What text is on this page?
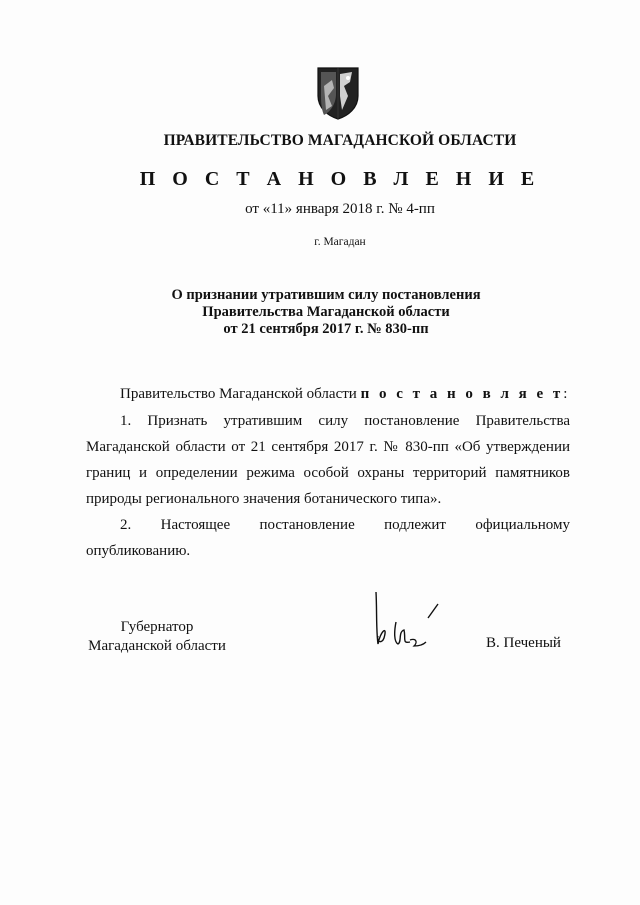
ПРАВИТЕЛЬСТВО МАГАДАНСКОЙ ОБЛАСТИ
П О С Т А Н О В Л Е Н И Е
от «11» января 2018 г. № 4-пп
г. Магадан
О признании утратившим силу постановления
Правительства Магаданской области
от 21 сентября 2017 г. № 830-пп
Правительство Магаданской области п о с т а н о в л я е т:
1. Признать утратившим силу постановление Правительства Магаданской области от 21 сентября 2017 г. № 830-пп «Об утверждении границ и определении режима особой охраны территорий памятников природы регионального значения ботанического типа».
2. Настоящее постановление подлежит официальному
опубликованию.
Губернатор
Магаданской области	В. Печеный
